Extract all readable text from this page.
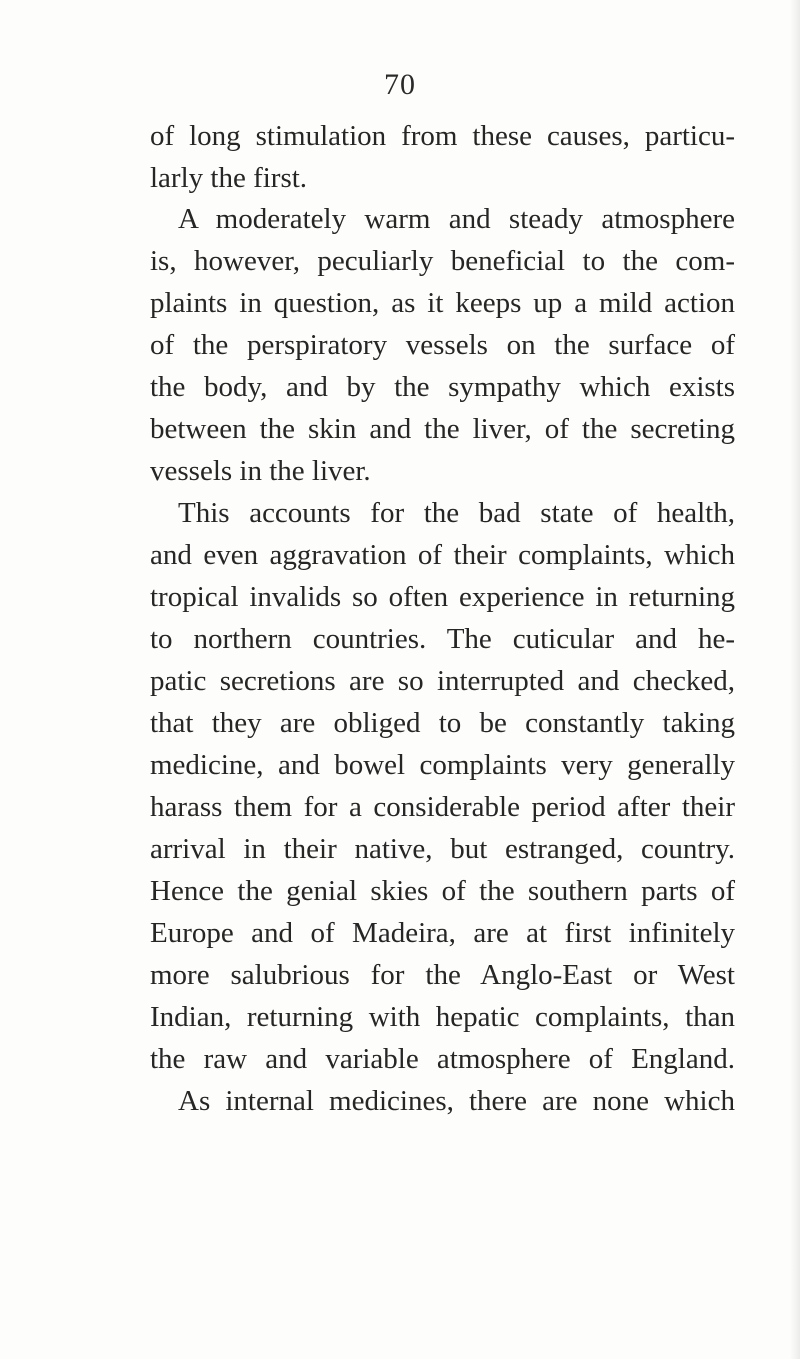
70
of long stimulation from these causes, particu-
larly the first.
A moderately warm and steady atmosphere
is, however, peculiarly beneficial to the com-
plaints in question, as it keeps up a mild action
of the perspiratory vessels on the surface of
the body, and by the sympathy which exists
between the skin and the liver, of the secreting
vessels in the liver.
This accounts for the bad state of health,
and even aggravation of their complaints, which
tropical invalids so often experience in returning
to northern countries. The cuticular and he-
patic secretions are so interrupted and checked,
that they are obliged to be constantly taking
medicine, and bowel complaints very generally
harass them for a considerable period after their
arrival in their native, but estranged, country.
Hence the genial skies of the southern parts of
Europe and of Madeira, are at first infinitely
more salubrious for the Anglo-East or West
Indian, returning with hepatic complaints, than
the raw and variable atmosphere of England.
As internal medicines, there are none which
